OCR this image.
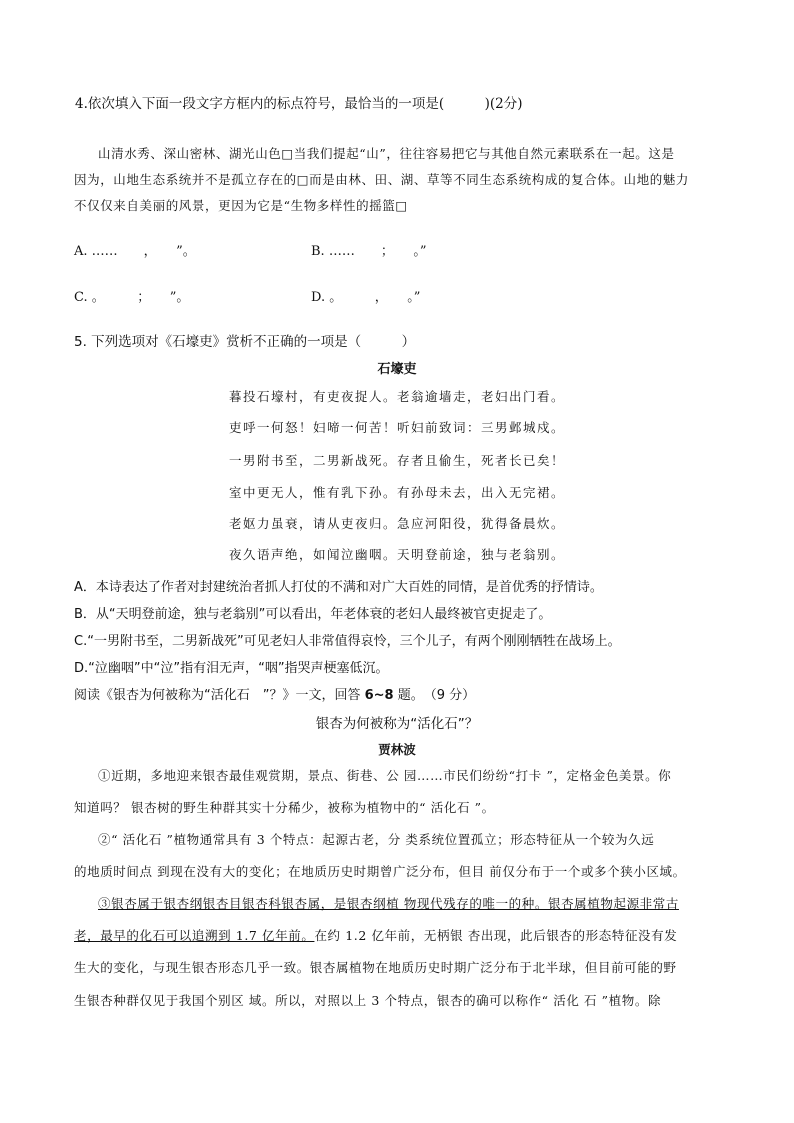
4.依次填入下面一段文字方框内的标点符号，最恰当的一项是(　　　)(2分)
山清水秀、深山密林、湖光山色□当我们提起“山”，往往容易把它与其他自然元素联系在一起。这是
因为，山地生态系统并不是孤立存在的□而是由林、田、湖、草等不同生态系统构成的复合体。山地的魅力
不仅仅来自美丽的风景，更因为它是“生物多样性的摇篮□
A. ……　　，　　”。	B. ……　　；　　。”
C. 。　　　；　　”。	D. 。　　　，　　。”
5. 下列选项对《石壕吏》赏析不正确的一项是（　　　）
石壕吏
暮投石壕村，有吏夜捉人。老翁逾墙走，老妇出门看。
吏呼一何怒！妇啼一何苦！听妇前致词：三男邺城戍。
一男附书至，二男新战死。存者且偷生，死者长已矣！
室中更无人，惟有乳下孙。有孙母未去，出入无完裙。
老妪力虽衰，请从吏夜归。急应河阳役，犹得备晨炊。
夜久语声绝，如闻泣幽咽。天明登前途，独与老翁别。
A．本诗表达了作者对封建统治者抓人打仗的不满和对广大百姓的同情，是首优秀的抒情诗。
B．从“天明登前途，独与老翁别”可以看出，年老体衰的老妇人最终被官吏捉走了。
C.“一男附书至，二男新战死”可见老妇人非常值得哀怜，三个儿子，有两个刚刚牺牲在战场上。
D.“泣幽咽”中“泣”指有泪无声，“咽”指哭声梗塞低沉。
阅读《银杏为何被称为“活化石　”？》一文，回答 6~8 题。　（9 分）
银杏为何被称为“活化石”？
贾林波
①近期，多地迎来银杏最佳观赏期，景点、街巷、公 园……市民们纷纷“打卡 ”，定格金色美景。你
知道吗？ 银杏树的野生种群其实十分稀少，被称为植物中的“ 活化石 ”。
②“ 活化石 ”植物通常具有 3 个特点：起源古老，分 类系统位置孤立；形态特征从一个较为久远
的地质时间点 到现在没有大的变化；在地质历史时期曾广泛分布，但目 前仅分布于一个或多个狭小区域。
③银杏属于银杏纲银杏目银杏科银杏属，是银杏纲植 物现代残存的唯一的种。银杏属植物起源非常古
老，最早的化石可以追溯到 1.7 亿年前。在约 1.2 亿年前，无柄银 杏出现，此后银杏的形态特征没有发
生大的变化，与现生银杏形态几乎一致。银杏属植物在地质历史时期广泛分布于北半球，但目前可能的野
生银杏种群仅见于我国个别区 域。所以，对照以上 3 个特点，银杏的确可以称作“ 活化 石 ”植物。除
